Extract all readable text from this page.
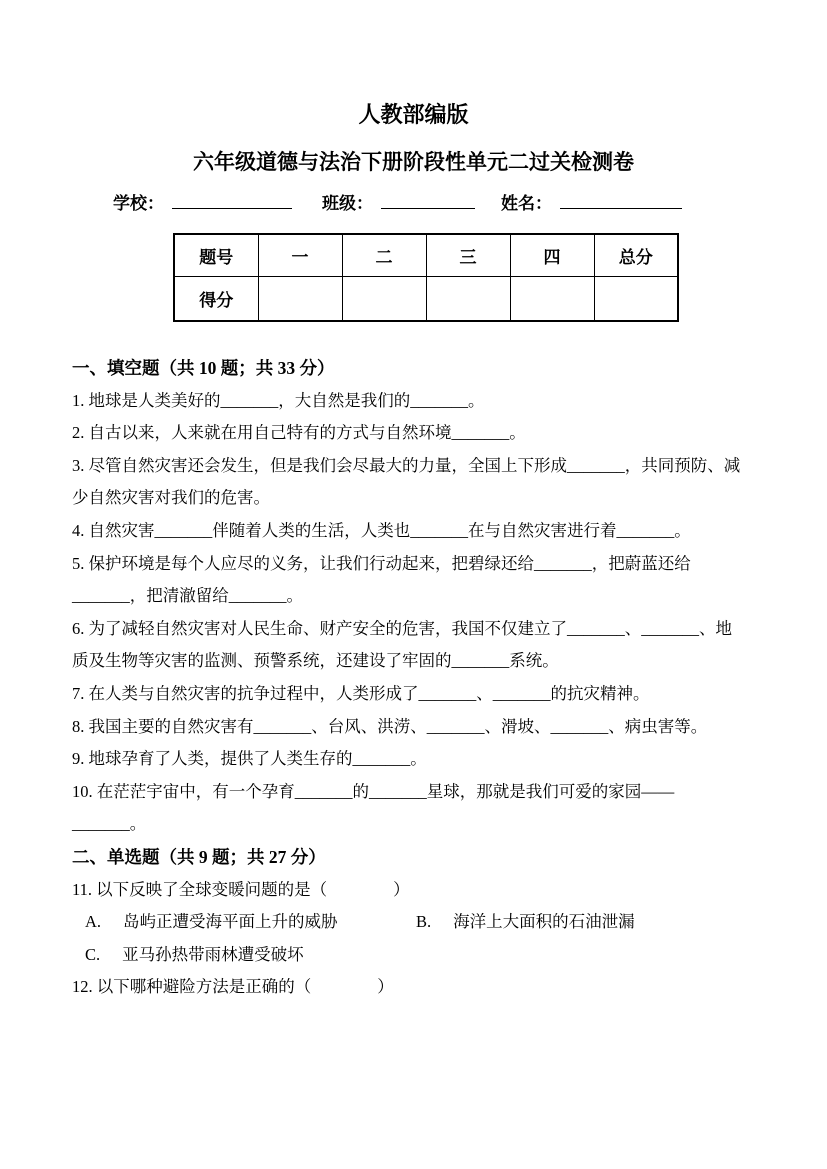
人教部编版
六年级道德与法治下册阶段性单元二过关检测卷
学校：	班级：	姓名：
题号	一	二	三	四	总分
得分					

一、填空题（共 10 题；共 33 分）

1. 地球是人类美好的_______，大自然是我们的_______。

2. 自古以来，人来就在用自己特有的方式与自然环境_______。

3. 尽管自然灾害还会发生，但是我们会尽最大的力量，全国上下形成_______，共同预防、减

少自然灾害对我们的危害。

4. 自然灾害_______伴随着人类的生活，人类也_______在与自然灾害进行着_______。

5. 保护环境是每个人应尽的义务，让我们行动起来，把碧绿还给_______，把蔚蓝还给

_______，把清澈留给_______。

6. 为了减轻自然灾害对人民生命、财产安全的危害，我国不仅建立了_______、_______、地

质及生物等灾害的监测、预警系统，还建设了牢固的_______系统。

7. 在人类与自然灾害的抗争过程中，人类形成了_______、_______的抗灾精神。

8. 我国主要的自然灾害有_______、台风、洪涝、_______、滑坡、_______、病虫害等。

9. 地球孕育了人类，提供了人类生存的_______。

10. 在茫茫宇宙中，有一个孕育_______的_______星球，那就是我们可爱的家园——

_______。

二、单选题（共 9 题；共 27 分）

11. 以下反映了全球变暖问题的是（　　　　）

A. 岛屿正遭受海平面上升的威胁	B. 海洋上大面积的石油泄漏
C. 亚马孙热带雨林遭受破坏

12. 以下哪种避险方法是正确的（　　　　）
